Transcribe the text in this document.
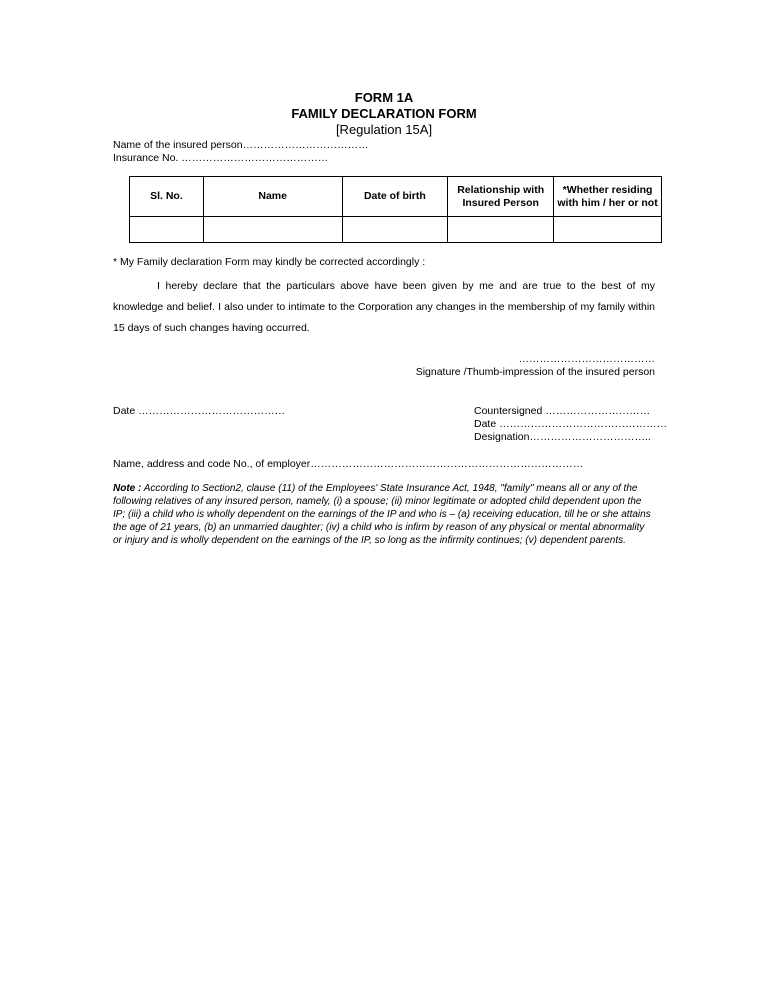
FORM 1A
FAMILY DECLARATION FORM
[Regulation 15A]
Name of the insured person………………………………
Insurance No. ……………………………………
Sl. No.	Name	Date of birth	Relationship with Insured Person	*Whether residing with him / her or not

* My Family declaration Form may kindly be corrected accordingly :
I hereby declare that the particulars above have been given by me and are true to the best of my knowledge and belief. I also under to intimate to the Corporation any changes in the membership of my family within 15 days of such changes having occurred.
…………………………………
Signature /Thumb-impression of the insured person
Date ……………………………………	Countersigned …………………………
Date …………………………………………
Designation……………………………..
Name, address and code No., of employer……………………………………………………………………
Note : According to Section2, clause (11) of the Employees' State Insurance Act, 1948, "family" means all or any of the following relatives of any insured person, namely, (i) a spouse; (ii) minor legitimate or adopted child dependent upon the IP; (iii) a child who is wholly dependent on the earnings of the IP and who is – (a) receiving education, till he or she attains the age of 21 years, (b) an unmarried daughter; (iv) a child who is infirm by reason of any physical or mental abnormality or injury and is wholly dependent on the earnings of the IP, so long as the infirmity continues; (v) dependent parents.
